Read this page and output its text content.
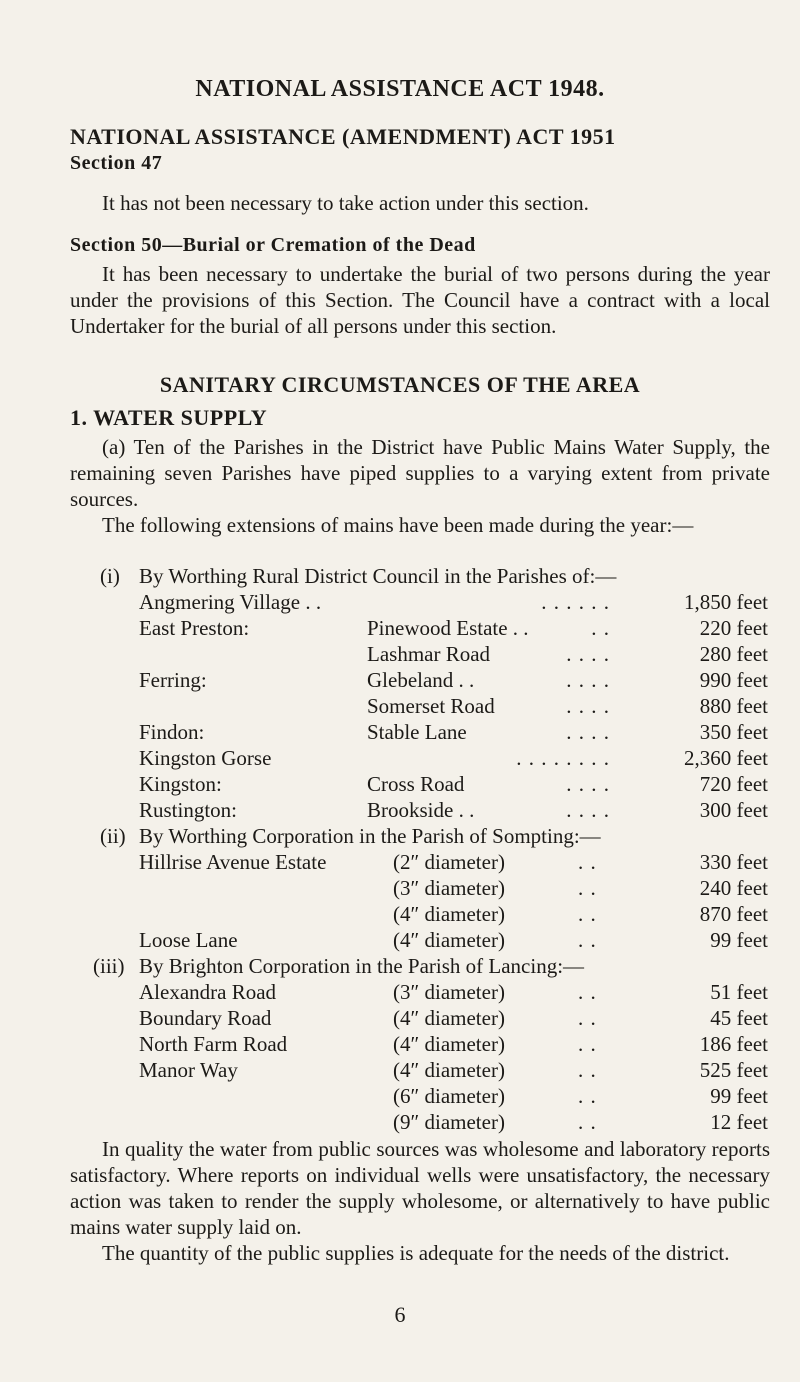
NATIONAL ASSISTANCE ACT 1948.
NATIONAL ASSISTANCE (AMENDMENT) ACT 1951
Section 47
It has not been necessary to take action under this section.
Section 50—Burial or Cremation of the Dead
It has been necessary to undertake the burial of two persons during the year under the provisions of this Section. The Council have a contract with a local Undertaker for the burial of all persons under this section.
SANITARY CIRCUMSTANCES OF THE AREA
1. WATER SUPPLY
(a) Ten of the Parishes in the District have Public Mains Water Supply, the remaining seven Parishes have piped supplies to a varying extent from private sources.
The following extensions of mains have been made during the year:—
(i) By Worthing Rural District Council in the Parishes of:—
Angmering Village . .	. . . . . .	1,850 feet
East Preston:	Pinewood Estate . .	. .	220 feet
Lashmar Road	. . . .	280 feet
Ferring:	Glebeland . .	. . . .	990 feet
Somerset Road	. . . .	880 feet
Findon:	Stable Lane	. . . .	350 feet
Kingston Gorse	. . . . . . . .	2,360 feet
Kingston:	Cross Road	. . . .	720 feet
Rustington:	Brookside . .	. . . .	300 feet
(ii) By Worthing Corporation in the Parish of Sompting:—
Hillrise Avenue Estate	(2″ diameter)	. .	330 feet
(3″ diameter)	. .	240 feet
(4″ diameter)	. .	870 feet
Loose Lane	(4″ diameter)	. .	99 feet
(iii) By Brighton Corporation in the Parish of Lancing:—
Alexandra Road	(3″ diameter)	. .	51 feet
Boundary Road	(4″ diameter)	. .	45 feet
North Farm Road	(4″ diameter)	. .	186 feet
Manor Way	(4″ diameter)	. .	525 feet
(6″ diameter)	. .	99 feet
(9″ diameter)	. .	12 feet
In quality the water from public sources was wholesome and laboratory reports satisfactory. Where reports on individual wells were unsatisfactory, the necessary action was taken to render the supply wholesome, or alternatively to have public mains water supply laid on.
The quantity of the public supplies is adequate for the needs of the district.
6
